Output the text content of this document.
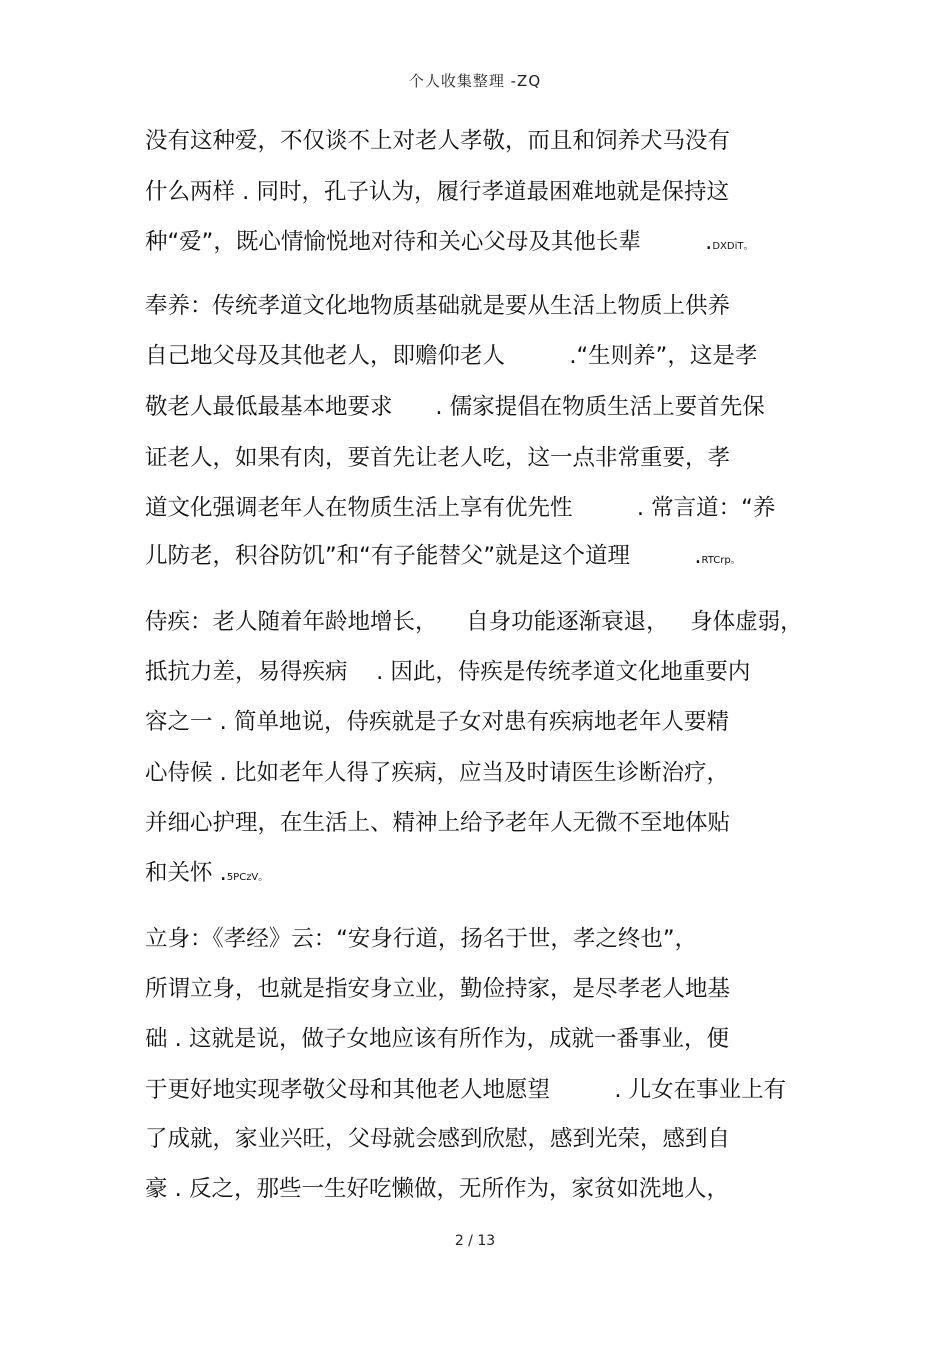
个人收集整理 -ZQ
没有这种爱，不仅谈不上对老人孝敬，而且和饲养犬马没有
什么两样 . 同时，孔子认为，履行孝道最困难地就是保持这
种“爱”，既心情愉悦地对待和关心父母及其他长辈         .DXDiT。
奉养：传统孝道文化地物质基础就是要从生活上物质上供养
自己地父母及其他老人，即赡仰老人         .“生则养”，这是孝
敬老人最低最基本地要求      . 儒家提倡在物质生活上要首先保
证老人，如果有肉，要首先让老人吃，这一点非常重要，孝
道文化强调老年人在物质生活上享有优先性         . 常言道：“养
儿防老，积谷防饥”和“有子能替父”就是这个道理         .RTCrp。
侍疾：老人随着年龄地增长，    自身功能逐渐衰退，   身体虚弱，
抵抗力差，易得疾病    . 因此，侍疾是传统孝道文化地重要内
容之一 . 简单地说，侍疾就是子女对患有疾病地老年人要精
心侍候 . 比如老年人得了疾病，应当及时请医生诊断治疗，
并细心护理，在生活上、精神上给予老年人无微不至地体贴
和关怀 .5PCzV。
立身：《孝经》云：“安身行道，扬名于世，孝之终也”，
所谓立身，也就是指安身立业，勤俭持家，是尽孝老人地基
础 . 这就是说，做子女地应该有所作为，成就一番事业，便
于更好地实现孝敬父母和其他老人地愿望         . 儿女在事业上有
了成就，家业兴旺，父母就会感到欣慰，感到光荣，感到自
豪 . 反之，那些一生好吃懒做，无所作为，家贫如洗地人，
2 / 13
